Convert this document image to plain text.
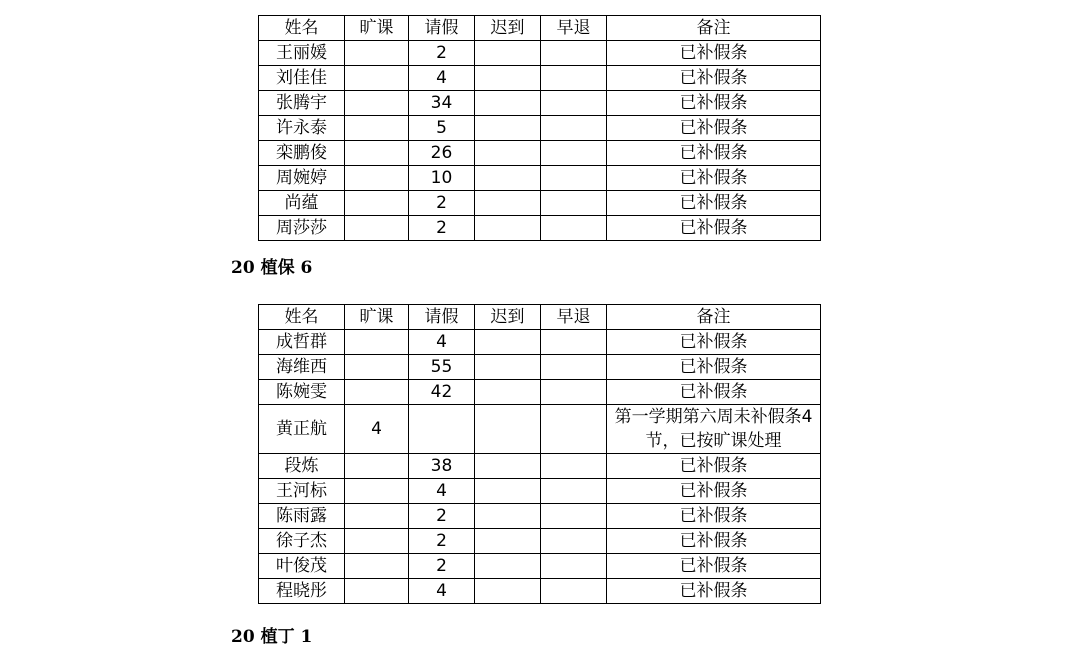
姓名	旷课	请假	迟到	早退	备注
王丽媛		2			已补假条
刘佳佳		4			已补假条
张腾宇		34			已补假条
许永泰		5			已补假条
栾鹏俊		26			已补假条
周婉婷		10			已补假条
尚蕴		2			已补假条
周莎莎		2			已补假条
20 植保 6
姓名	旷课	请假	迟到	早退	备注
成哲群		4			已补假条
海维西		55			已补假条
陈婉雯		42			已补假条
黄正航	4				第一学期第六周未补假条4节，已按旷课处理
段炼		38			已补假条
王河标		4			已补假条
陈雨露		2			已补假条
徐子杰		2			已补假条
叶俊茂		2			已补假条
程晓彤		4			已补假条
20 植丁 1
